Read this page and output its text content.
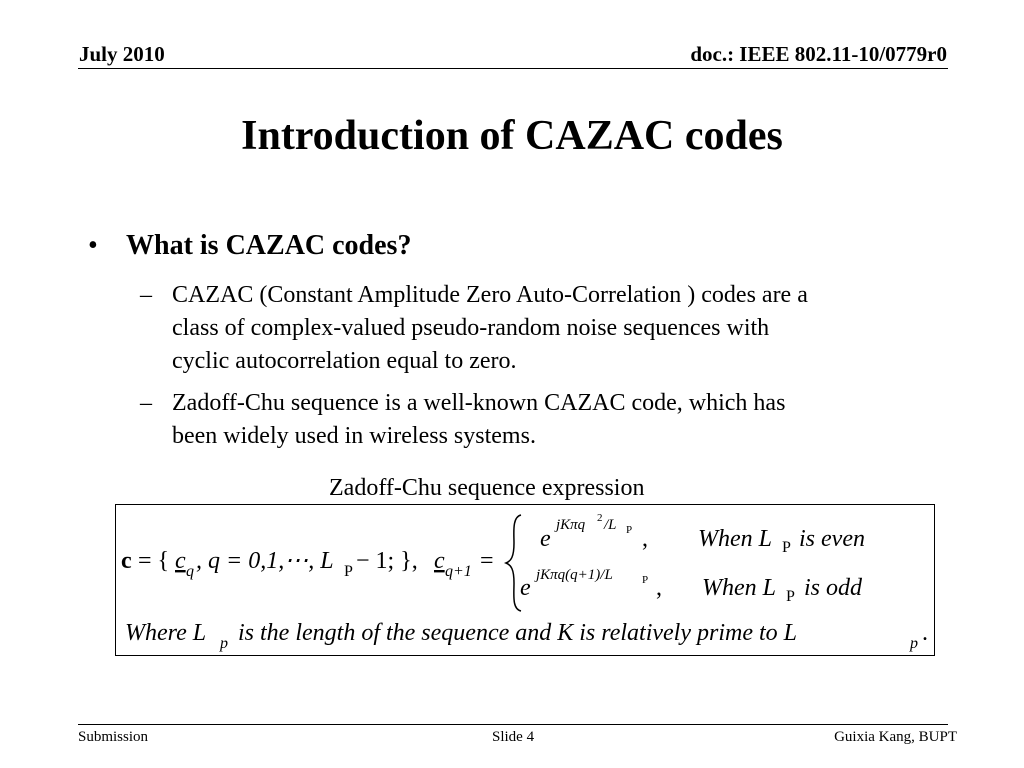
July 2010	doc.: IEEE 802.11-10/0779r0
Introduction of CAZAC codes
• What is CAZAC codes?
– CAZAC (Constant Amplitude Zero Auto-Correlation ) codes are a
class of complex-valued pseudo-random noise sequences with
cyclic autocorrelation equal to zero.
– Zadoff-Chu sequence is a well-known CAZAC code, which has
been widely used in wireless systems.
Zadoff-Chu sequence expression
c = { c q , q = 0,1,⋯, L P − 1; }, c q+1 =
e
jKπq 2 /L P , When L P is even
e jKπq(q+1)/L	P , When L P is odd
Where L p is the length of the sequence and K is relatively prime to L	p .
Submission	Slide 4	Guixia Kang, BUPT
